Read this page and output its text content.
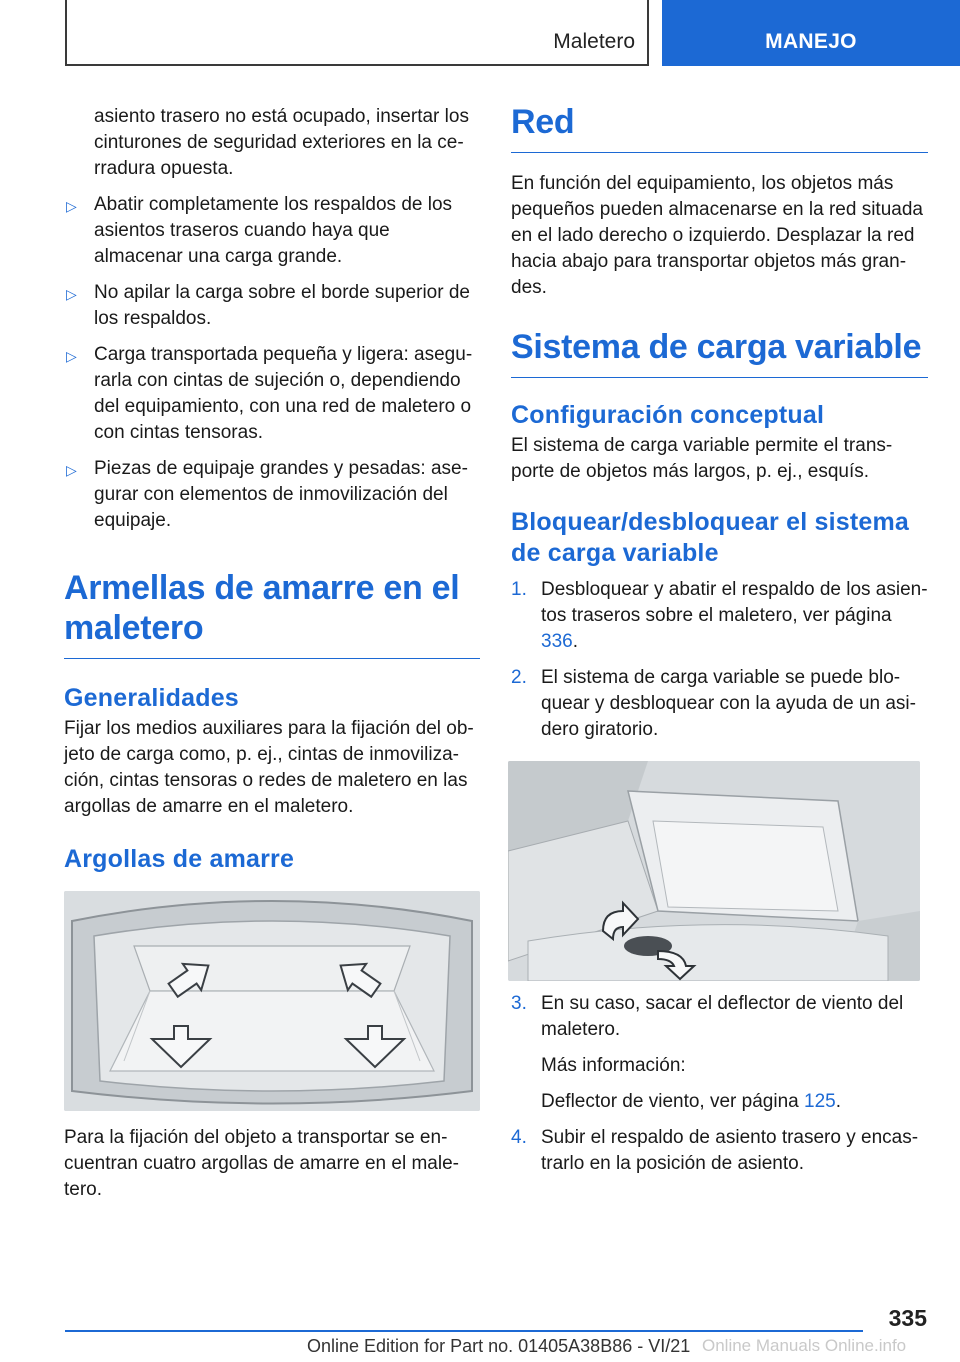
Maletero	MANEJO

asiento trasero no está ocupado, insertar los cinturones de seguridad exteriores en la cerradura opuesta.

▷ Abatir completamente los respaldos de los asientos traseros cuando haya que almacenar una carga grande.
▷ No apilar la carga sobre el borde superior de los respaldos.
▷ Carga transportada pequeña y ligera: asegurarla con cintas de sujeción o, dependiendo del equipamiento, con una red de maletero o con cintas tensoras.
▷ Piezas de equipaje grandes y pesadas: asegurar con elementos de inmovilización del equipaje.
Armellas de amarre en el maletero
Generalidades

Fijar los medios auxiliares para la fijación del objeto de carga como, p. ej., cintas de inmovilización, cintas tensoras o redes de maletero en las argollas de amarre en el maletero.

Argollas de amarre

Para la fijación del objeto a transportar se encuentran cuatro argollas de amarre en el maletero.

Red

En función del equipamiento, los objetos más pequeños pueden almacenarse en la red situada en el lado derecho o izquierdo. Desplazar la red hacia abajo para transportar objetos más grandes.

Sistema de carga variable
Configuración conceptual

El sistema de carga variable permite el transporte de objetos más largos, p. ej., esquís.

Bloquear/desbloquear el sistema de carga variable
1. Desbloquear y abatir el respaldo de los asientos traseros sobre el maletero, ver página 336.
2. El sistema de carga variable se puede bloquear y desbloquear con la ayuda de un asidero giratorio.
3. En su caso, sacar el deflector de viento del maletero.
Más información:
Deflector de viento, ver página 125.
4. Subir el respaldo de asiento trasero y encastrarlo en la posición de asiento.
335
Online Edition for Part no. 01405A38B86 - VI/21 Online Manuals Online.info
